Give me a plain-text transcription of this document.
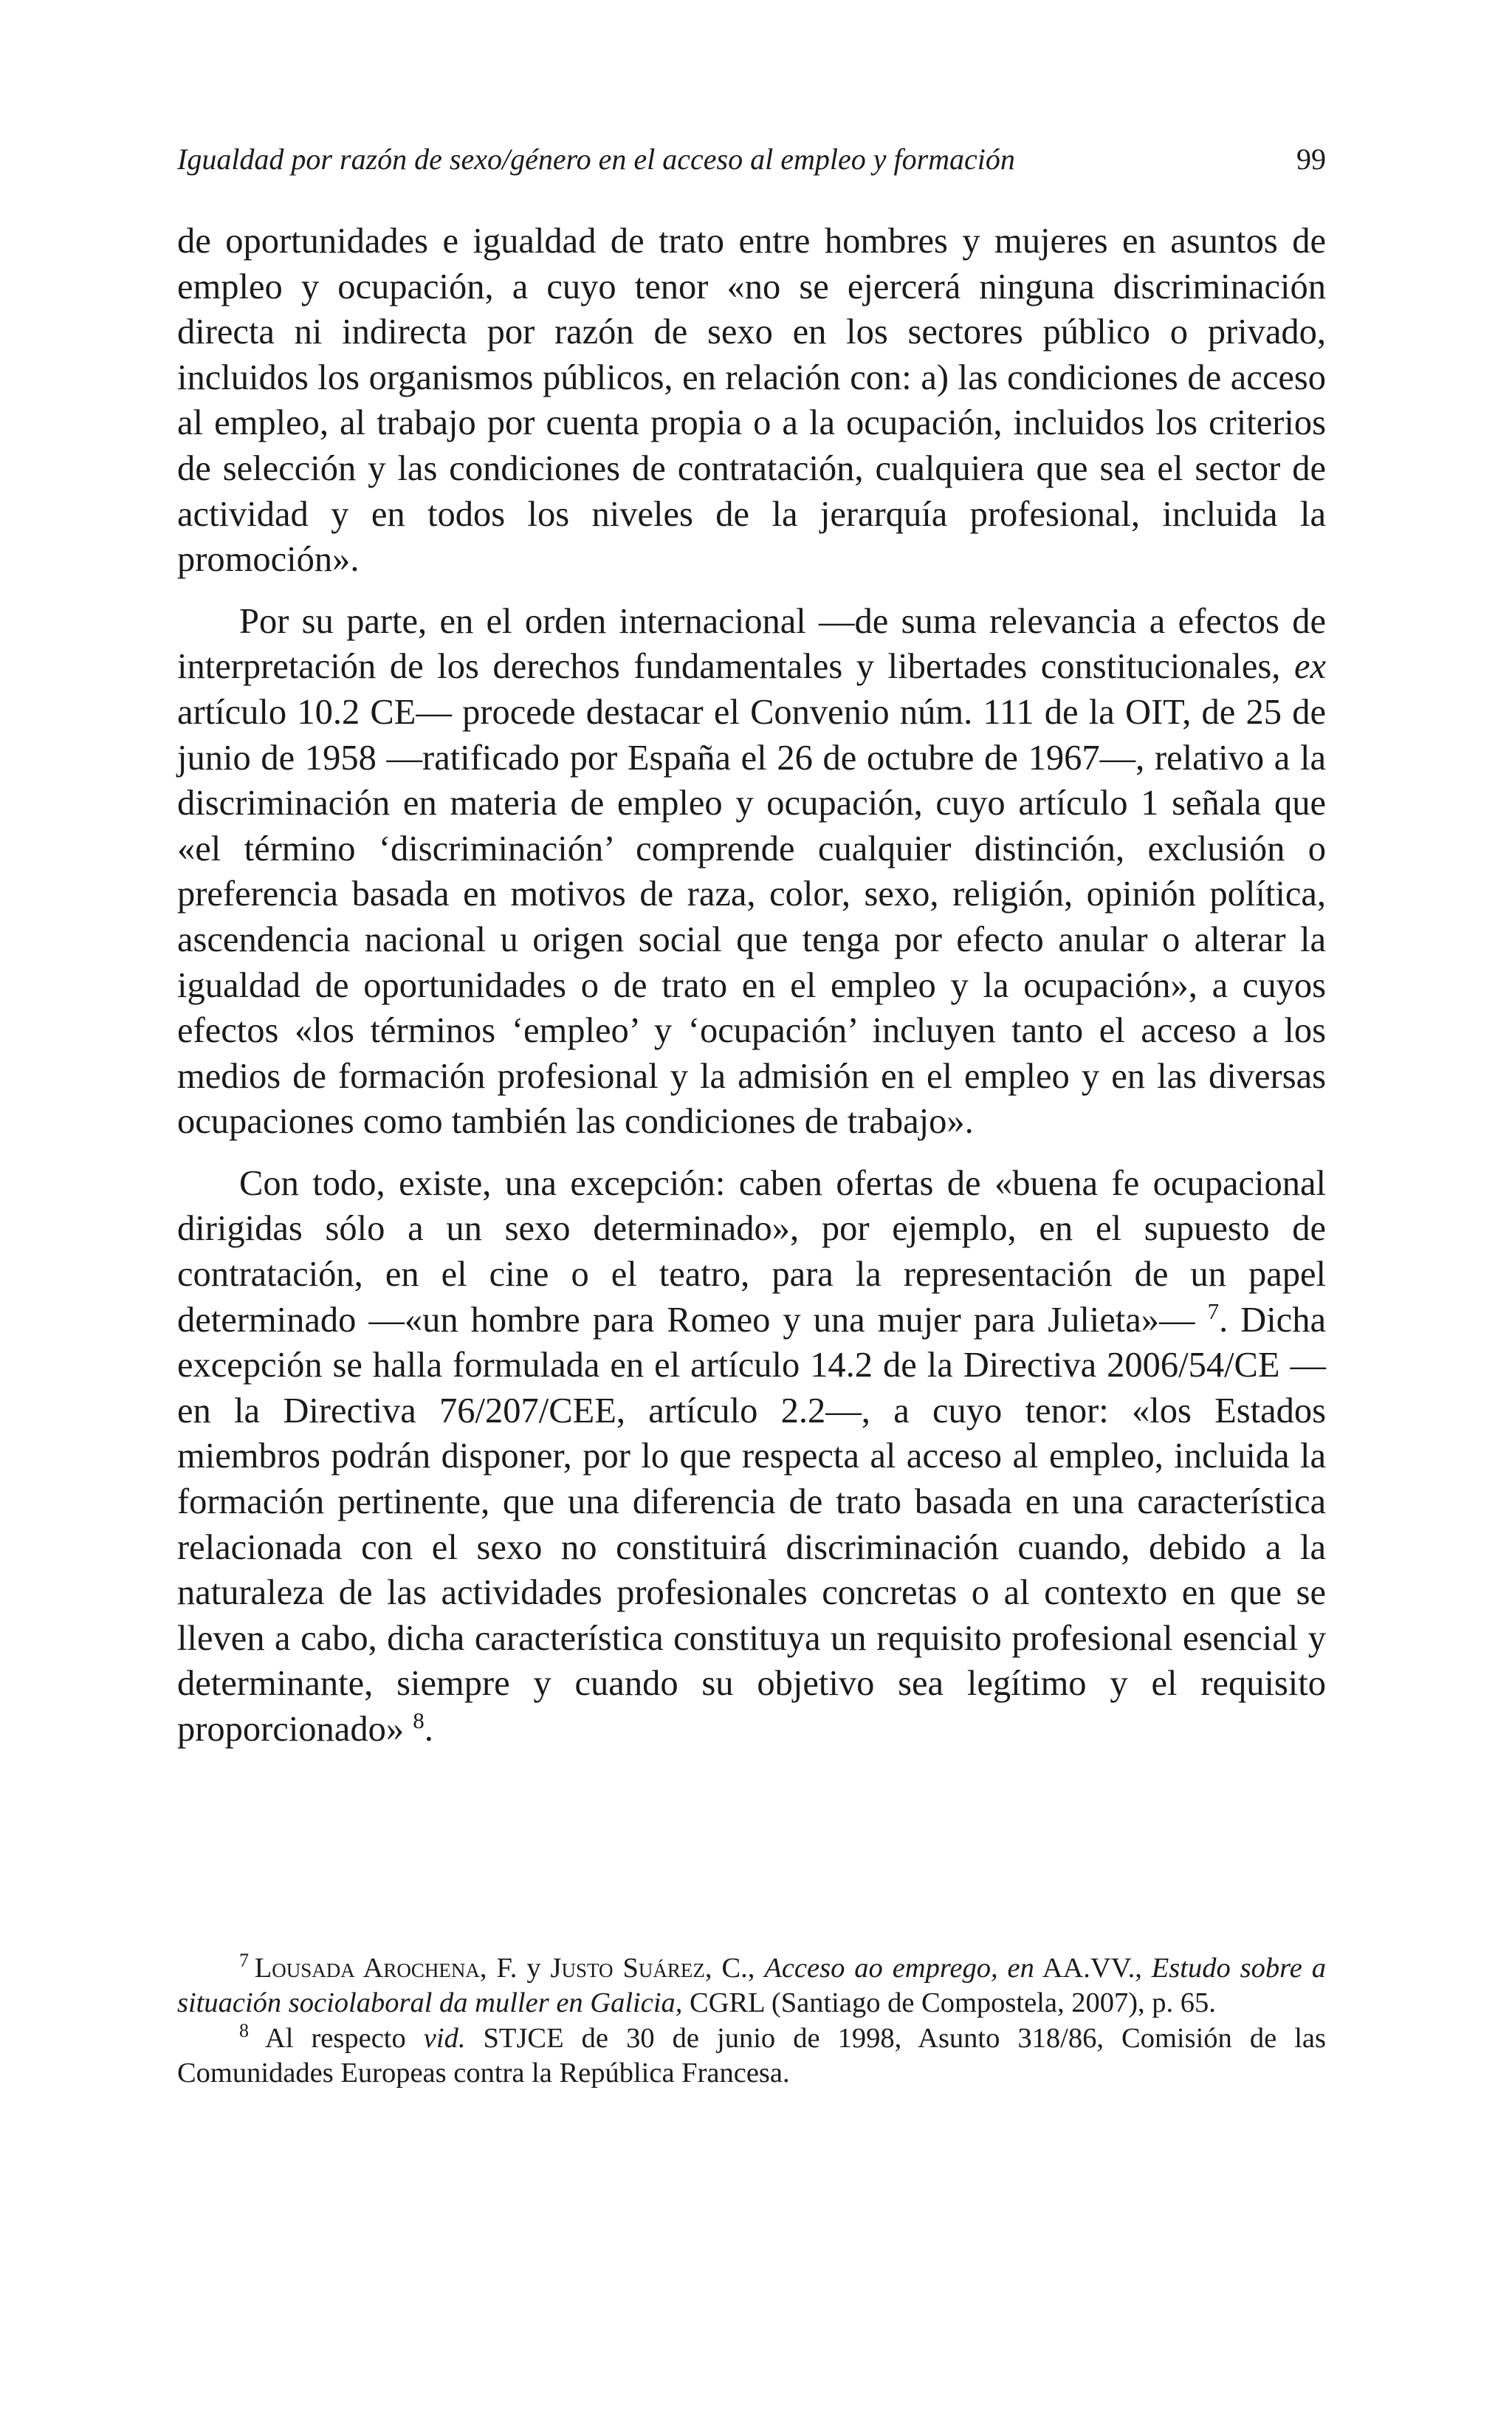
Igualdad por razón de sexo/género en el acceso al empleo y formación	99

de oportunidades e igualdad de trato entre hombres y mujeres en asuntos de empleo y ocupación, a cuyo tenor «no se ejercerá ninguna discriminación directa ni indirecta por razón de sexo en los sectores público o privado, incluidos los organismos públicos, en relación con: a) las condiciones de acceso al empleo, al trabajo por cuenta propia o a la ocupación, incluidos los criterios de selección y las condiciones de contratación, cualquiera que sea el sector de actividad y en todos los niveles de la jerarquía profesional, incluida la promoción».

Por su parte, en el orden internacional —de suma relevancia a efectos de interpretación de los derechos fundamentales y libertades constitucionales, ex artículo 10.2 CE— procede destacar el Convenio núm. 111 de la OIT, de 25 de junio de 1958 —ratificado por España el 26 de octubre de 1967—, relativo a la discriminación en materia de empleo y ocupación, cuyo artículo 1 señala que «el término ‘discriminación’ comprende cualquier distinción, exclusión o preferencia basada en motivos de raza, color, sexo, religión, opinión política, ascendencia nacional u origen social que tenga por efecto anular o alterar la igualdad de oportunidades o de trato en el empleo y la ocupación», a cuyos efectos «los términos ‘empleo’ y ‘ocupación’ incluyen tanto el acceso a los medios de formación profesional y la admisión en el empleo y en las diversas ocupaciones como también las condiciones de trabajo».

Con todo, existe, una excepción: caben ofertas de «buena fe ocupacional dirigidas sólo a un sexo determinado», por ejemplo, en el supuesto de contratación, en el cine o el teatro, para la representación de un papel determinado —«un hombre para Romeo y una mujer para Julieta»— $^7$. Dicha excepción se halla formulada en el artículo 14.2 de la Directiva 2006/54/CE —en la Directiva 76/207/CEE, artículo 2.2—, a cuyo tenor: «los Estados miembros podrán disponer, por lo que respecta al acceso al empleo, incluida la formación pertinente, que una diferencia de trato basada en una característica relacionada con el sexo no constituirá discriminación cuando, debido a la naturaleza de las actividades profesionales concretas o al contexto en que se lleven a cabo, dicha característica constituya un requisito profesional esencial y determinante, siempre y cuando su objetivo sea legítimo y el requisito proporcionado» $^8$.

$^7$  Lousada Arochena, F. y Justo Suárez, C., Acceso ao emprego, en AA.VV., Estudo sobre a situación sociolaboral da muller en Galicia, CGRL (Santiago de Compostela, 2007), p. 65.

$^8$ Al respecto vid. STJCE de 30 de junio de 1998, Asunto 318/86, Comisión de las Comunidades Europeas contra la República Francesa.
